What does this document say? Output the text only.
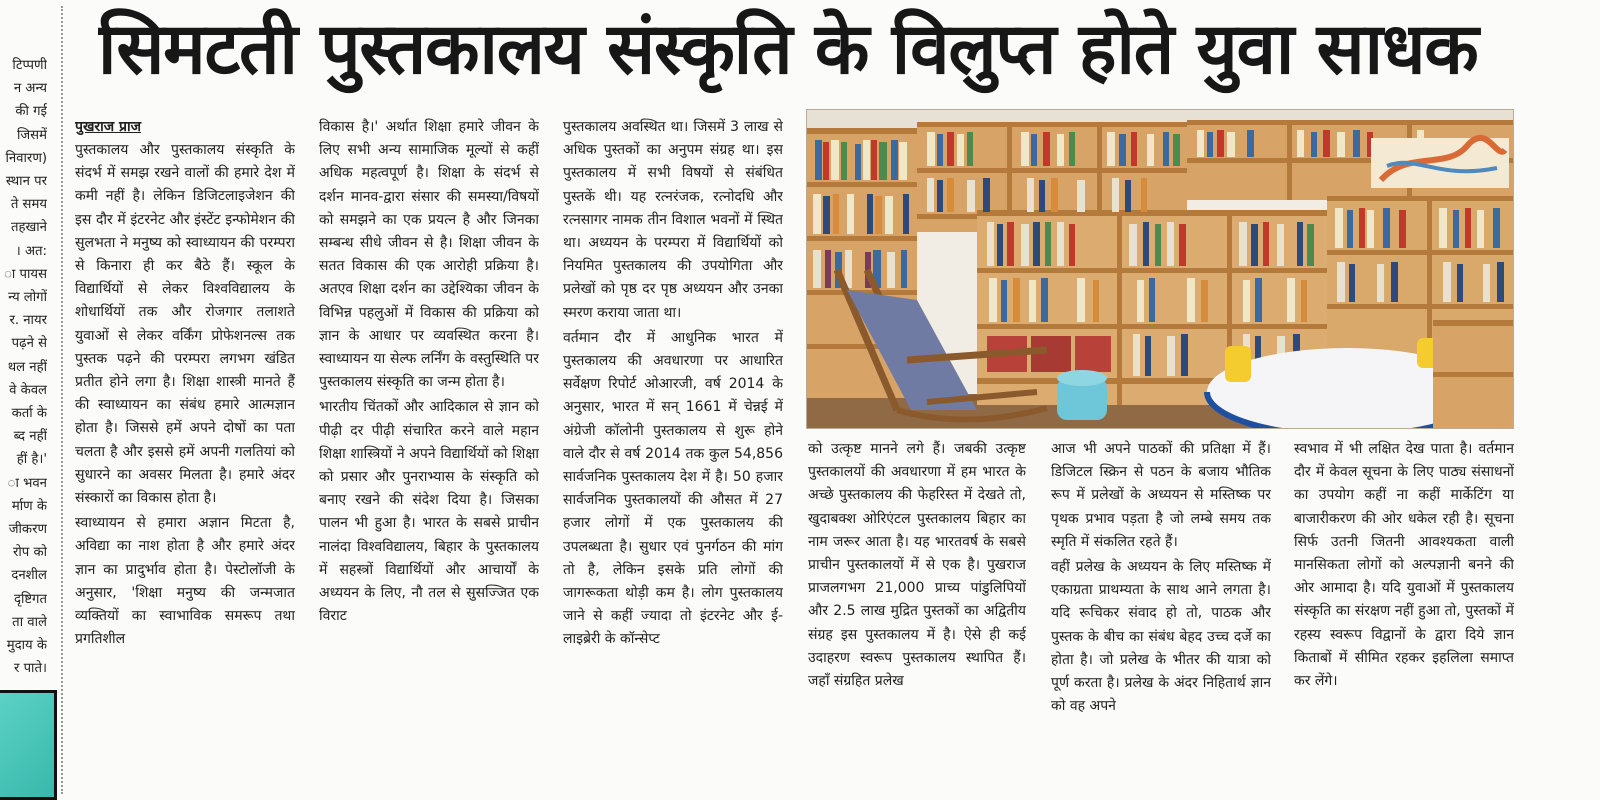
टिप्पणी
न अन्य
की गई
जिसमें
निवारण)
स्थान पर
ते समय
तहखाने
। अत:
ा पायस
न्य लोगों
र. नायर
पढ़ने से
थल नहीं
वे केवल
कर्ता के
ब्द नहीं
हीं है।'
ा भवन
र्माण के
जीकरण
रोप को
दनशील
दृष्टिगत
ता वाले
मुदाय के
र पाते।
सिमटती पुस्तकालय संस्कृति के विलुप्त होते युवा साधक
पुखराज प्राज

पुस्तकालय और पुस्तकालय संस्कृति के संदर्भ में समझ रखने वालों की हमारे देश में कमी नहीं है। लेकिन डिजिटलाइजेशन की इस दौर में इंटरनेट और इंस्टेंट इन्फोमेशन की सुलभता ने मनुष्य को स्वाध्यायन की परम्परा से किनारा ही कर बैठे हैं। स्कूल के विद्यार्थियों से लेकर विश्वविद्यालय के शोधार्थियों तक और रोजगार तलाशते युवाओं से लेकर वर्किंग प्रोफेशनल्स तक पुस्तक पढ़ने की परम्परा लगभग खंडित प्रतीत होने लगा है। शिक्षा शास्त्री मानते हैं की स्वाध्यायन का संबंध हमारे आत्मज्ञान होता है। जिससे हमें अपने दोषों का पता चलता है और इससे हमें अपनी गलतियां को सुधारने का अवसर मिलता है। हमारे अंदर संस्कारों का विकास होता है।

स्वाध्यायन से हमारा अज्ञान मिटता है, अविद्या का नाश होता है और हमारे अंदर ज्ञान का प्रादुर्भाव होता है। पेस्टोलॉजी के अनुसार, 'शिक्षा मनुष्य की जन्मजात व्यक्तियों का स्वाभाविक समरूप तथा प्रगतिशील

विकास है।' अर्थात शिक्षा हमारे जीवन के लिए सभी अन्य सामाजिक मूल्यों से कहीं अधिक महत्वपूर्ण है। शिक्षा के संदर्भ से दर्शन मानव-द्वारा संसार की समस्या/विषयों को समझने का एक प्रयत्न है और जिनका सम्बन्ध सीधे जीवन से है। शिक्षा जीवन के सतत विकास की एक आरोही प्रक्रिया है। अतएव शिक्षा दर्शन का उद्देश्यिका जीवन के विभिन्न पहलुओं में विकास की प्रक्रिया को ज्ञान के आधार पर व्यवस्थित करना है। स्वाध्यायन या सेल्फ लर्निंग के वस्तुस्थिति पर पुस्तकालय संस्कृति का जन्म होता है।

भारतीय चिंतकों और आदिकाल से ज्ञान को पीढ़ी दर पीढ़ी संचारित करने वाले महान शिक्षा शास्त्रियों ने अपने विद्यार्थियों को शिक्षा को प्रसार और पुनराभ्यास के संस्कृति को बनाए रखने की संदेश दिया है। जिसका पालन भी हुआ है। भारत के सबसे प्राचीन नालंदा विश्वविद्यालय, बिहार के पुस्तकालय में सहस्त्रों विद्यार्थियों और आचार्यों के अध्ययन के लिए, नौ तल से सुसज्जित एक विराट

पुस्तकालय अवस्थित था। जिसमें 3 लाख से अधिक पुस्तकों का अनुपम संग्रह था। इस पुस्तकालय में सभी विषयों से संबंधित पुस्तकें थी। यह रत्नरंजक, रत्नोदधि और रत्नसागर नामक तीन विशाल भवनों में स्थित था। अध्ययन के परम्परा में विद्यार्थियों को नियमित पुस्तकालय की उपयोगिता और प्रलेखों को पृष्ठ दर पृष्ठ अध्ययन और उनका स्मरण कराया जाता था।

वर्तमान दौर में आधुनिक भारत में पुस्तकालय की अवधारणा पर आधारित सर्वेक्षण रिपोर्ट ओआरजी, वर्ष 2014 के अनुसार, भारत में सन् 1661 में चेन्नई में अंग्रेजी कॉलोनी पुस्तकालय से शुरू होने वाले दौर से वर्ष 2014 तक कुल 54,856 सार्वजनिक पुस्तकालय देश में है। 50 हजार सार्वजनिक पुस्तकालयों की औसत में 27 हजार लोगों में एक पुस्तकालय की उपलब्धता है। सुधार एवं पुनर्गठन की मांग तो है, लेकिन इसके प्रति लोगों की जागरूकता थोड़ी कम है। लोग पुस्तकालय जाने से कहीं ज्यादा तो इंटरनेट और ई-लाइब्रेरी के कॉन्सेप्ट

को उत्कृष्ट मानने लगे हैं। जबकी उत्कृष्ट पुस्तकालयों की अवधारणा में हम भारत के अच्छे पुस्तकालय की फेहरिस्त में देखते तो, खुदाबक्श ओरिएंटल पुस्तकालय बिहार का नाम जरूर आता है। यह भारतवर्ष के सबसे प्राचीन पुस्तकालयों में से एक है। पुखराज प्राजलगभग 21,000 प्राच्य पांडुलिपियों और 2.5 लाख मुद्रित पुस्तकों का अद्वितीय संग्रह इस पुस्तकालय में है। ऐसे ही कई उदाहरण स्वरूप पुस्तकालय स्थापित हैं। जहाँ संग्रहित प्रलेख

आज भी अपने पाठकों की प्रतिक्षा में हैं। डिजिटल स्क्रिन से पठन के बजाय भौतिक रूप में प्रलेखों के अध्ययन से मस्तिष्क पर पृथक प्रभाव पड़ता है जो लम्बे समय तक स्मृति में संकलित रहते हैं।

वहीं प्रलेख के अध्ययन के लिए मस्तिष्क में एकाग्रता प्राथम्यता के साथ आने लगता है। यदि रूचिकर संवाद हो तो, पाठक और पुस्तक के बीच का संबंध बेहद उच्च दर्जे का होता है। जो प्रलेख के भीतर की यात्रा को पूर्ण करता है। प्रलेख के अंदर निहितार्थ ज्ञान को वह अपने

स्वभाव में भी लक्षित देख पाता है। वर्तमान दौर में केवल सूचना के लिए पाठ्य संसाधनों का उपयोग कहीं ना कहीं मार्केटिंग या बाजारीकरण की ओर धकेल रही है। सूचना सिर्फ उतनी जितनी आवश्यकता वाली मानसिकता लोगों को अल्पज्ञानी बनने की ओर आमादा है। यदि युवाओं में पुस्तकालय संस्कृति का संरक्षण नहीं हुआ तो, पुस्तकों में रहस्य स्वरूप विद्वानों के द्वारा दिये ज्ञान किताबों में सीमित रहकर इहलिला समाप्त कर लेंगे।
